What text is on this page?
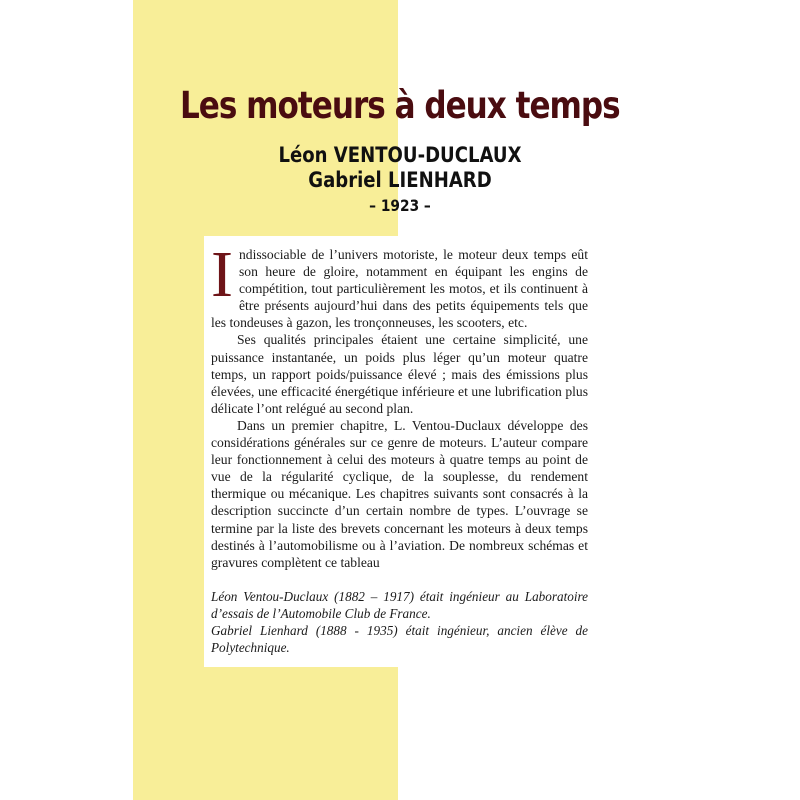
Les moteurs à deux temps
Léon VENTOU-DUCLAUX
Gabriel LIENHARD
– 1923 –

Indissociable de l’univers motoriste, le moteur deux temps eût son heure de gloire, notamment en équipant les engins de compétition, tout particulièrement les motos, et ils continuent à être présents aujourd’hui dans des petits équipements tels que les tondeuses à gazon, les tronçonneuses, les scooters, etc.

Ses qualités principales étaient une certaine simplicité, une puissance instantanée, un poids plus léger qu’un moteur quatre temps, un rapport poids/puissance élevé ; mais des émissions plus élevées, une efficacité énergétique inférieure et une lubrification plus délicate l’ont relégué au second plan.

Dans un premier chapitre, L. Ventou-Duclaux développe des considérations générales sur ce genre de moteurs. L’auteur compare leur fonctionnement à celui des moteurs à quatre temps au point de vue de la régularité cyclique, de la souplesse, du rendement thermique ou mécanique. Les chapitres suivants sont consacrés à la description succincte d’un certain nombre de types. L’ouvrage se termine par la liste des brevets concernant les moteurs à deux temps destinés à l’automobilisme ou à l’aviation. De nombreux schémas et gravures complètent ce tableau

Léon Ventou-Duclaux (1882 – 1917) était ingénieur au Laboratoire d’essais de l’Automobile Club de France.

Gabriel Lienhard (1888 - 1935) était ingénieur, ancien élève de Polytechnique.
